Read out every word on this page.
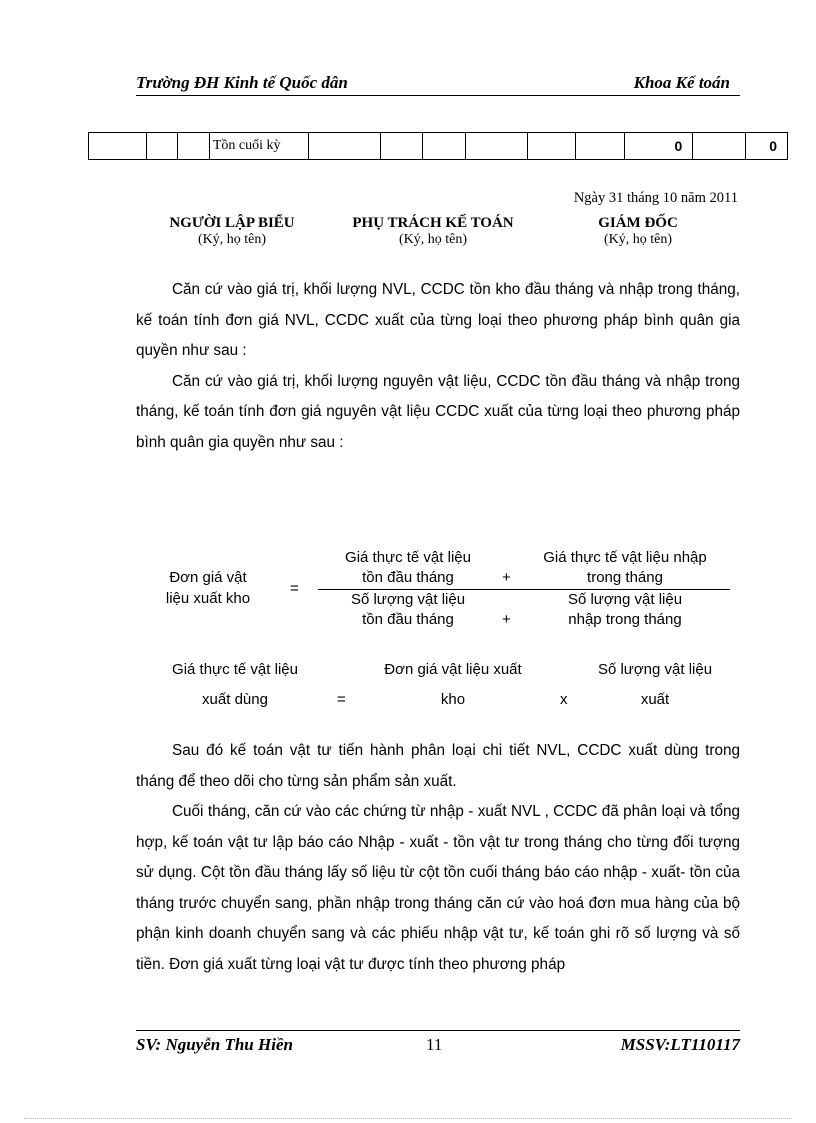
Trường ĐH Kinh tế Quốc dân	Khoa Kế toán
			Tồn cuối kỳ							0		0
Ngày 31 tháng 10 năm 2011
NGƯỜI LẬP BIỂU
(Ký, họ tên)
PHỤ TRÁCH KẾ TOÁN
(Ký, họ tên)
GIÁM ĐỐC
(Ký, họ tên)

Căn cứ vào giá trị, khối lượng NVL, CCDC tồn kho đầu tháng và nhập trong tháng, kế toán tính đơn giá NVL, CCDC xuất của từng loại theo phương pháp bình quân gia quyền như sau :

Căn cứ vào giá trị, khối lượng nguyên vật liệu, CCDC tồn đầu tháng và nhập trong tháng, kế toán tính đơn giá nguyên vật liệu CCDC xuất của từng loại theo phương pháp bình quân gia quyền như sau :

Đơn giá vật
liệu xuất kho
=
Giá thực tế vật liệu
tồn đầu tháng	+
Giá thực tế vật liệu nhập
trong tháng
Số lượng vật liệu
tồn đầu tháng	+
Số lượng vật liệu
nhập trong tháng
Giá thực tế vật liệu
xuất dùng	=
Đơn giá vật liệu xuất
kho	x
Số lượng vật liệu
xuất

Sau đó kế toán vật tư tiến hành phân loại chi tiết NVL, CCDC xuất dùng trong tháng để theo dõi cho từng sản phẩm sản xuất.

Cuối tháng, căn cứ vào các chứng từ nhập - xuất NVL , CCDC đã phân loại và tổng hợp, kế toán vật tư lập báo cáo Nhập - xuất - tồn vật tư trong tháng cho từng đối tượng sử dụng. Cột tồn đầu tháng lấy số liệu từ cột tồn cuối tháng báo cáo nhập - xuất- tồn của tháng trước chuyển sang, phần nhập trong tháng căn cứ vào hoá đơn mua hàng của bộ phận kinh doanh chuyển sang và các phiếu nhập vật tư, kế toán ghi rõ số lượng và số tiền. Đơn giá xuất từng loại vật tư được tính theo phương pháp

SV: Nguyễn Thu Hiền	11	MSSV:LT110117
